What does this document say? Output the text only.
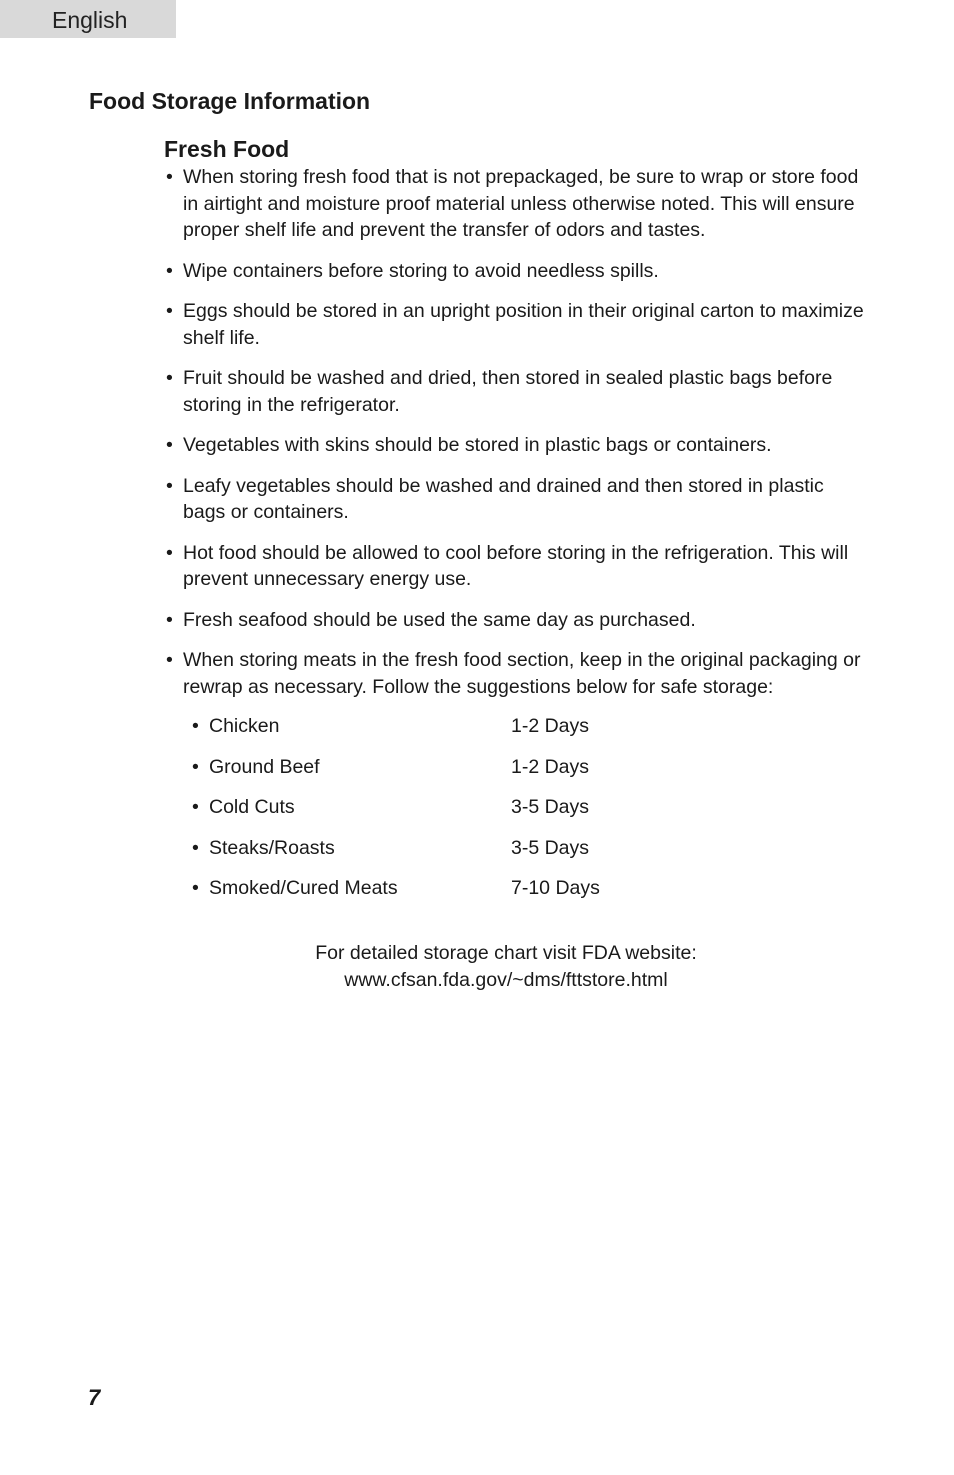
English
Food Storage Information
Fresh Food
• When storing fresh food that is not prepackaged, be sure to wrap or store food in airtight and moisture proof material unless otherwise noted. This will ensure proper shelf life and prevent the transfer of odors and tastes.
• Wipe containers before storing to avoid needless spills.
• Eggs should be stored in an upright position in their original carton to maximize shelf life.
• Fruit should be washed and dried, then stored in sealed plastic bags before storing in the refrigerator.
• Vegetables with skins should be stored in plastic bags or containers.
• Leafy vegetables should be washed and drained and then stored in plastic bags or containers.
• Hot food should be allowed to cool before storing in the refrigeration. This will prevent unnecessary energy use.
• Fresh seafood should be used the same day as purchased.
• When storing meats in the fresh food section, keep in the original packaging or rewrap as necessary. Follow the suggestions below for safe storage:
• Chicken	1-2 Days
• Ground Beef	1-2 Days
• Cold Cuts	3-5 Days
• Steaks/Roasts	3-5 Days
• Smoked/Cured Meats	7-10 Days

For detailed storage chart visit FDA website:
www.cfsan.fda.gov/~dms/fttstore.html

7
